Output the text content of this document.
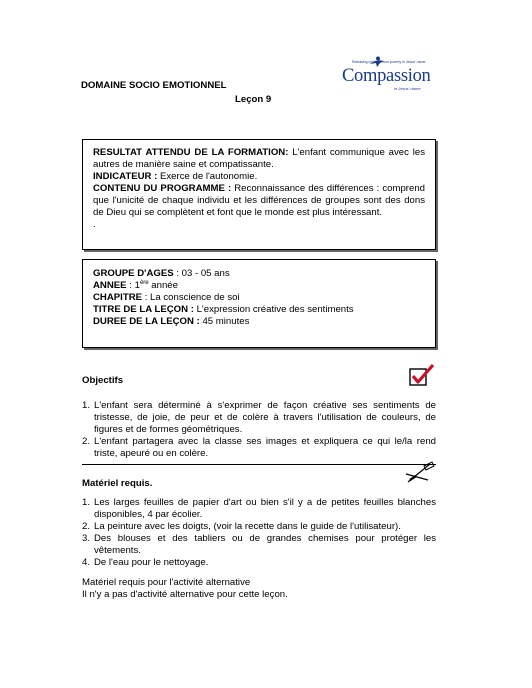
DOMAINE SOCIO EMOTIONNEL
Leçon 9
Releasing children from poverty in Jesus' name
Compassion
in Jesus' name
RESULTAT ATTENDU DE LA FORMATION: L'enfant communique avec les autres de manière saine et compatissante.
INDICATEUR : Exerce de l'autonomie.
CONTENU DU PROGRAMME : Reconnaissance des différences : comprend que l'unicité de chaque individu et les différences de groupes sont des dons de Dieu qui se complètent et font que le monde est plus intéressant.
.
GROUPE D'AGES : 03 - 05 ans
ANNEE : 1ère année
CHAPITRE : La conscience de soi
TITRE DE LA LEÇON : L'expression créative des sentiments
DUREE DE LA LEÇON : 45 minutes
Objectifs
1. L'enfant sera déterminé à s'exprimer de façon créative ses sentiments de tristesse, de joie, de peur et de colère à travers l'utilisation de couleurs, de figures et de formes géométriques.
2. L'enfant partagera avec la classe ses images et expliquera ce qui le/la rend triste, apeuré ou en colère.
Matériel requis.
1. Les larges feuilles de papier d'art ou bien s'il y a de petites feuilles blanches disponibles, 4 par écolier.
2. La peinture avec les doigts, (voir la recette dans le guide de l'utilisateur).
3. Des blouses et des tabliers ou de grandes chemises pour protéger les vêtements.
4. De l'eau pour le nettoyage.
Matériel requis pour l'activité alternative
Il n'y a pas d'activité alternative pour cette leçon.
